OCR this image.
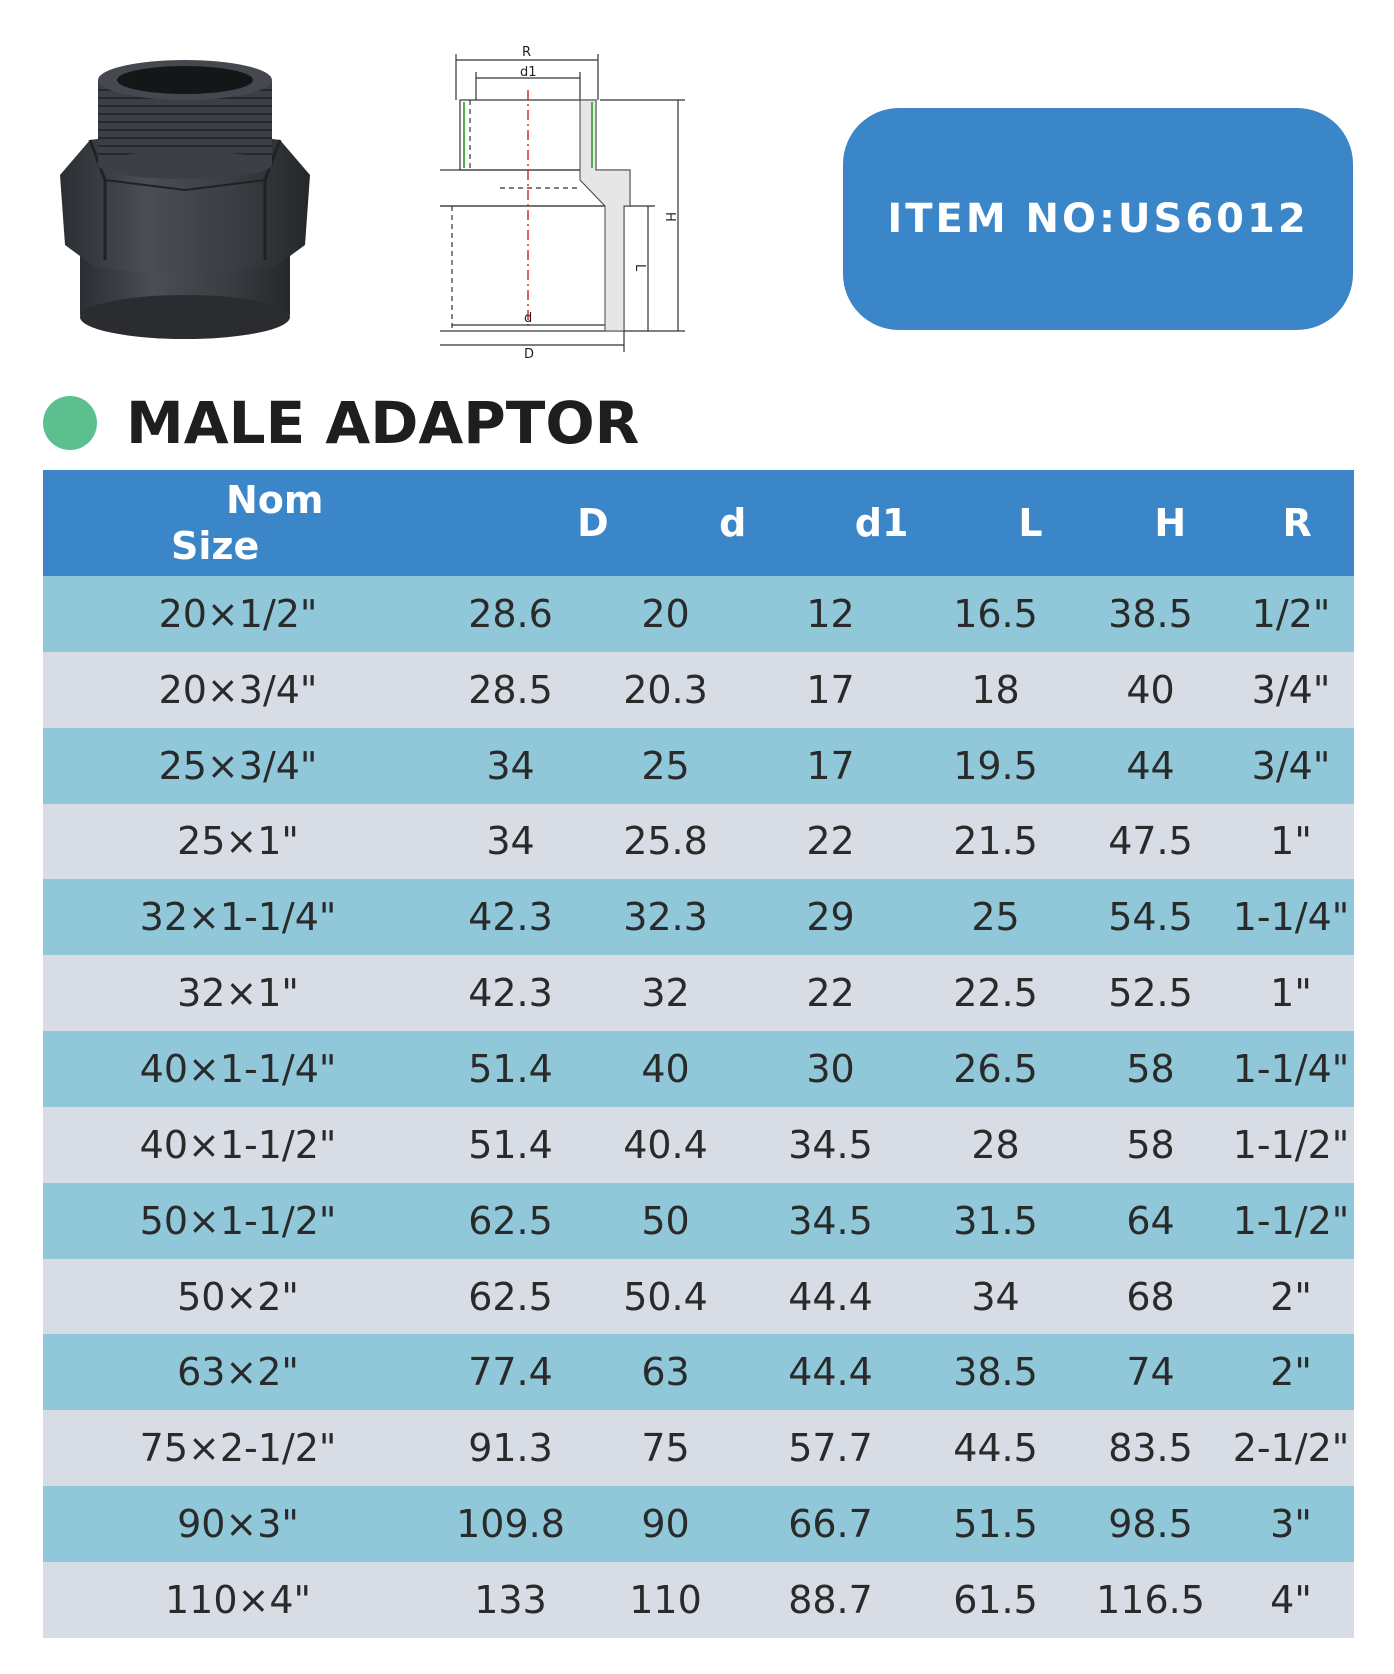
R
d1
H
L
d
D
ITEM NO:US6012
MALE ADAPTOR
Nom
Size
D	d	d1	L	H	R
20×1/2"	28.6	20	12	16.5	38.5	1/2"
20×3/4"	28.5	20.3	17	18	40	3/4"
25×3/4"	34	25	17	19.5	44	3/4"
25×1"	34	25.8	22	21.5	47.5	1"
32×1-1/4"	42.3	32.3	29	25	54.5	1-1/4"
32×1"	42.3	32	22	22.5	52.5	1"
40×1-1/4"	51.4	40	30	26.5	58	1-1/4"
40×1-1/2"	51.4	40.4	34.5	28	58	1-1/2"
50×1-1/2"	62.5	50	34.5	31.5	64	1-1/2"
50×2"	62.5	50.4	44.4	34	68	2"
63×2"	77.4	63	44.4	38.5	74	2"
75×2-1/2"	91.3	75	57.7	44.5	83.5	2-1/2"
90×3"	109.8	90	66.7	51.5	98.5	3"
110×4"	133	110	88.7	61.5	116.5	4"
